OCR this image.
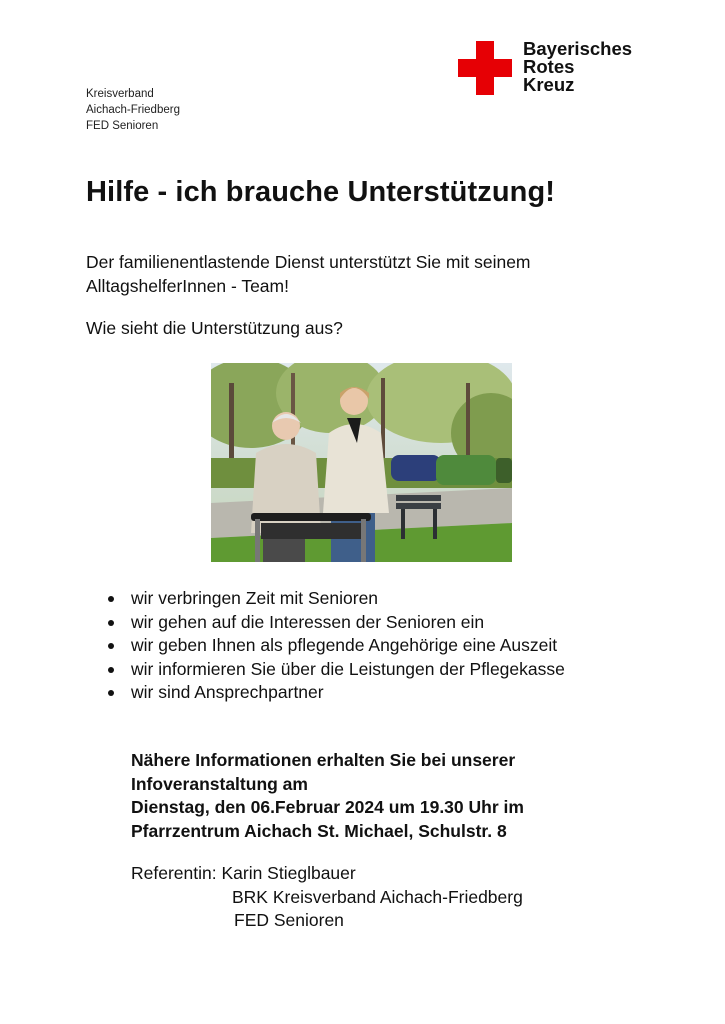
Kreisverband
Aichach-Friedberg
FED Senioren
Bayerisches
Rotes
Kreuz
Hilfe - ich brauche Unterstützung!
Der familienentlastende Dienst unterstützt Sie mit seinem
AlltagshelferInnen - Team!
Wie sieht die Unterstützung aus?
wir verbringen Zeit mit Senioren
wir gehen auf die Interessen der Senioren ein
wir geben Ihnen als pflegende Angehörige eine Auszeit
wir informieren Sie über die Leistungen der Pflegekasse
wir sind Ansprechpartner
Nähere Informationen erhalten Sie bei unserer
Infoveranstaltung am
Dienstag, den 06.Februar 2024 um 19.30 Uhr im
Pfarrzentrum Aichach St. Michael, Schulstr. 8
Referentin: Karin Stieglbauer
BRK Kreisverband Aichach-Friedberg
FED Senioren
